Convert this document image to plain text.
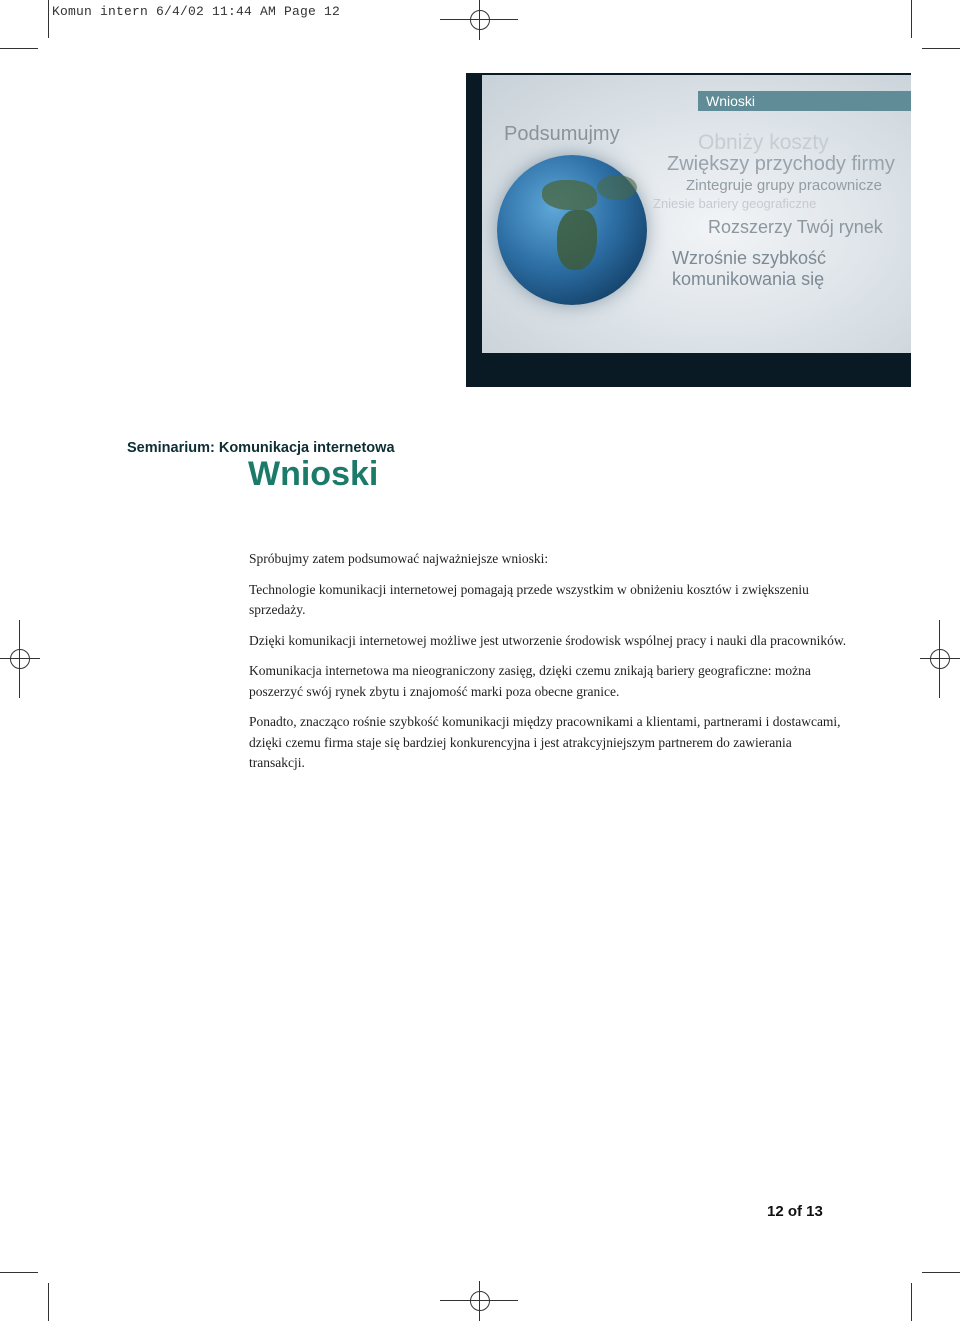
Komun intern 6/4/02 11:44 AM Page 12
Wnioski
Podsumujmy	Obniży koszty
Zwiększy przychody firmy
Zintegruje grupy pracownicze
Zniesie bariery geograficzne
Rozszerzy Twój rynek
Wzrośnie szybkość komunikowania się
Seminarium: Komunikacja internetowa
Wnioski

Spróbujmy zatem podsumować najważniejsze wnioski:

Technologie komunikacji internetowej pomagają przede wszystkim w obniżeniu kosztów i zwiększeniu sprzedaży.

Dzięki komunikacji internetowej możliwe jest utworzenie środowisk wspólnej pracy i nauki dla pracowników.

Komunikacja internetowa ma nieograniczony zasięg, dzięki czemu znikają bariery geograficzne: można poszerzyć swój rynek zbytu i znajomość marki poza obecne granice.

Ponadto, znacząco rośnie szybkość komunikacji między pracownikami a klientami, partnerami i dostawcami, dzięki czemu firma staje się bardziej konkurencyjna i jest atrakcyjniejszym partnerem do zawierania transakcji.

12 of 13
